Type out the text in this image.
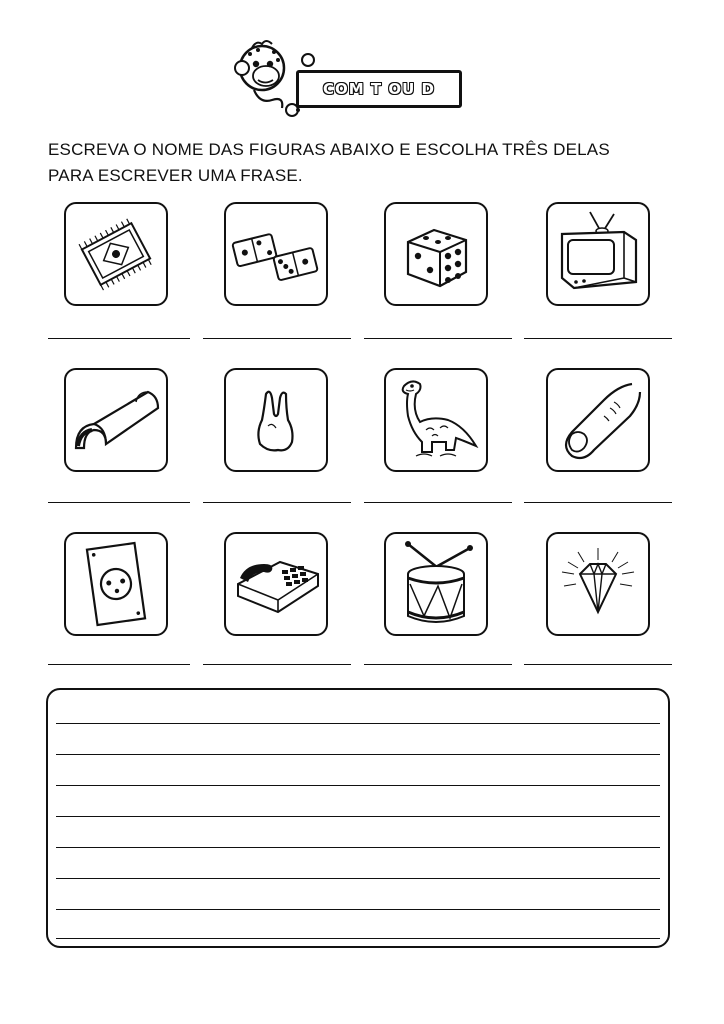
COM T OU D
ESCREVA O NOME DAS FIGURAS ABAIXO E ESCOLHA TRÊS DELAS
PARA ESCREVER UMA FRASE.
